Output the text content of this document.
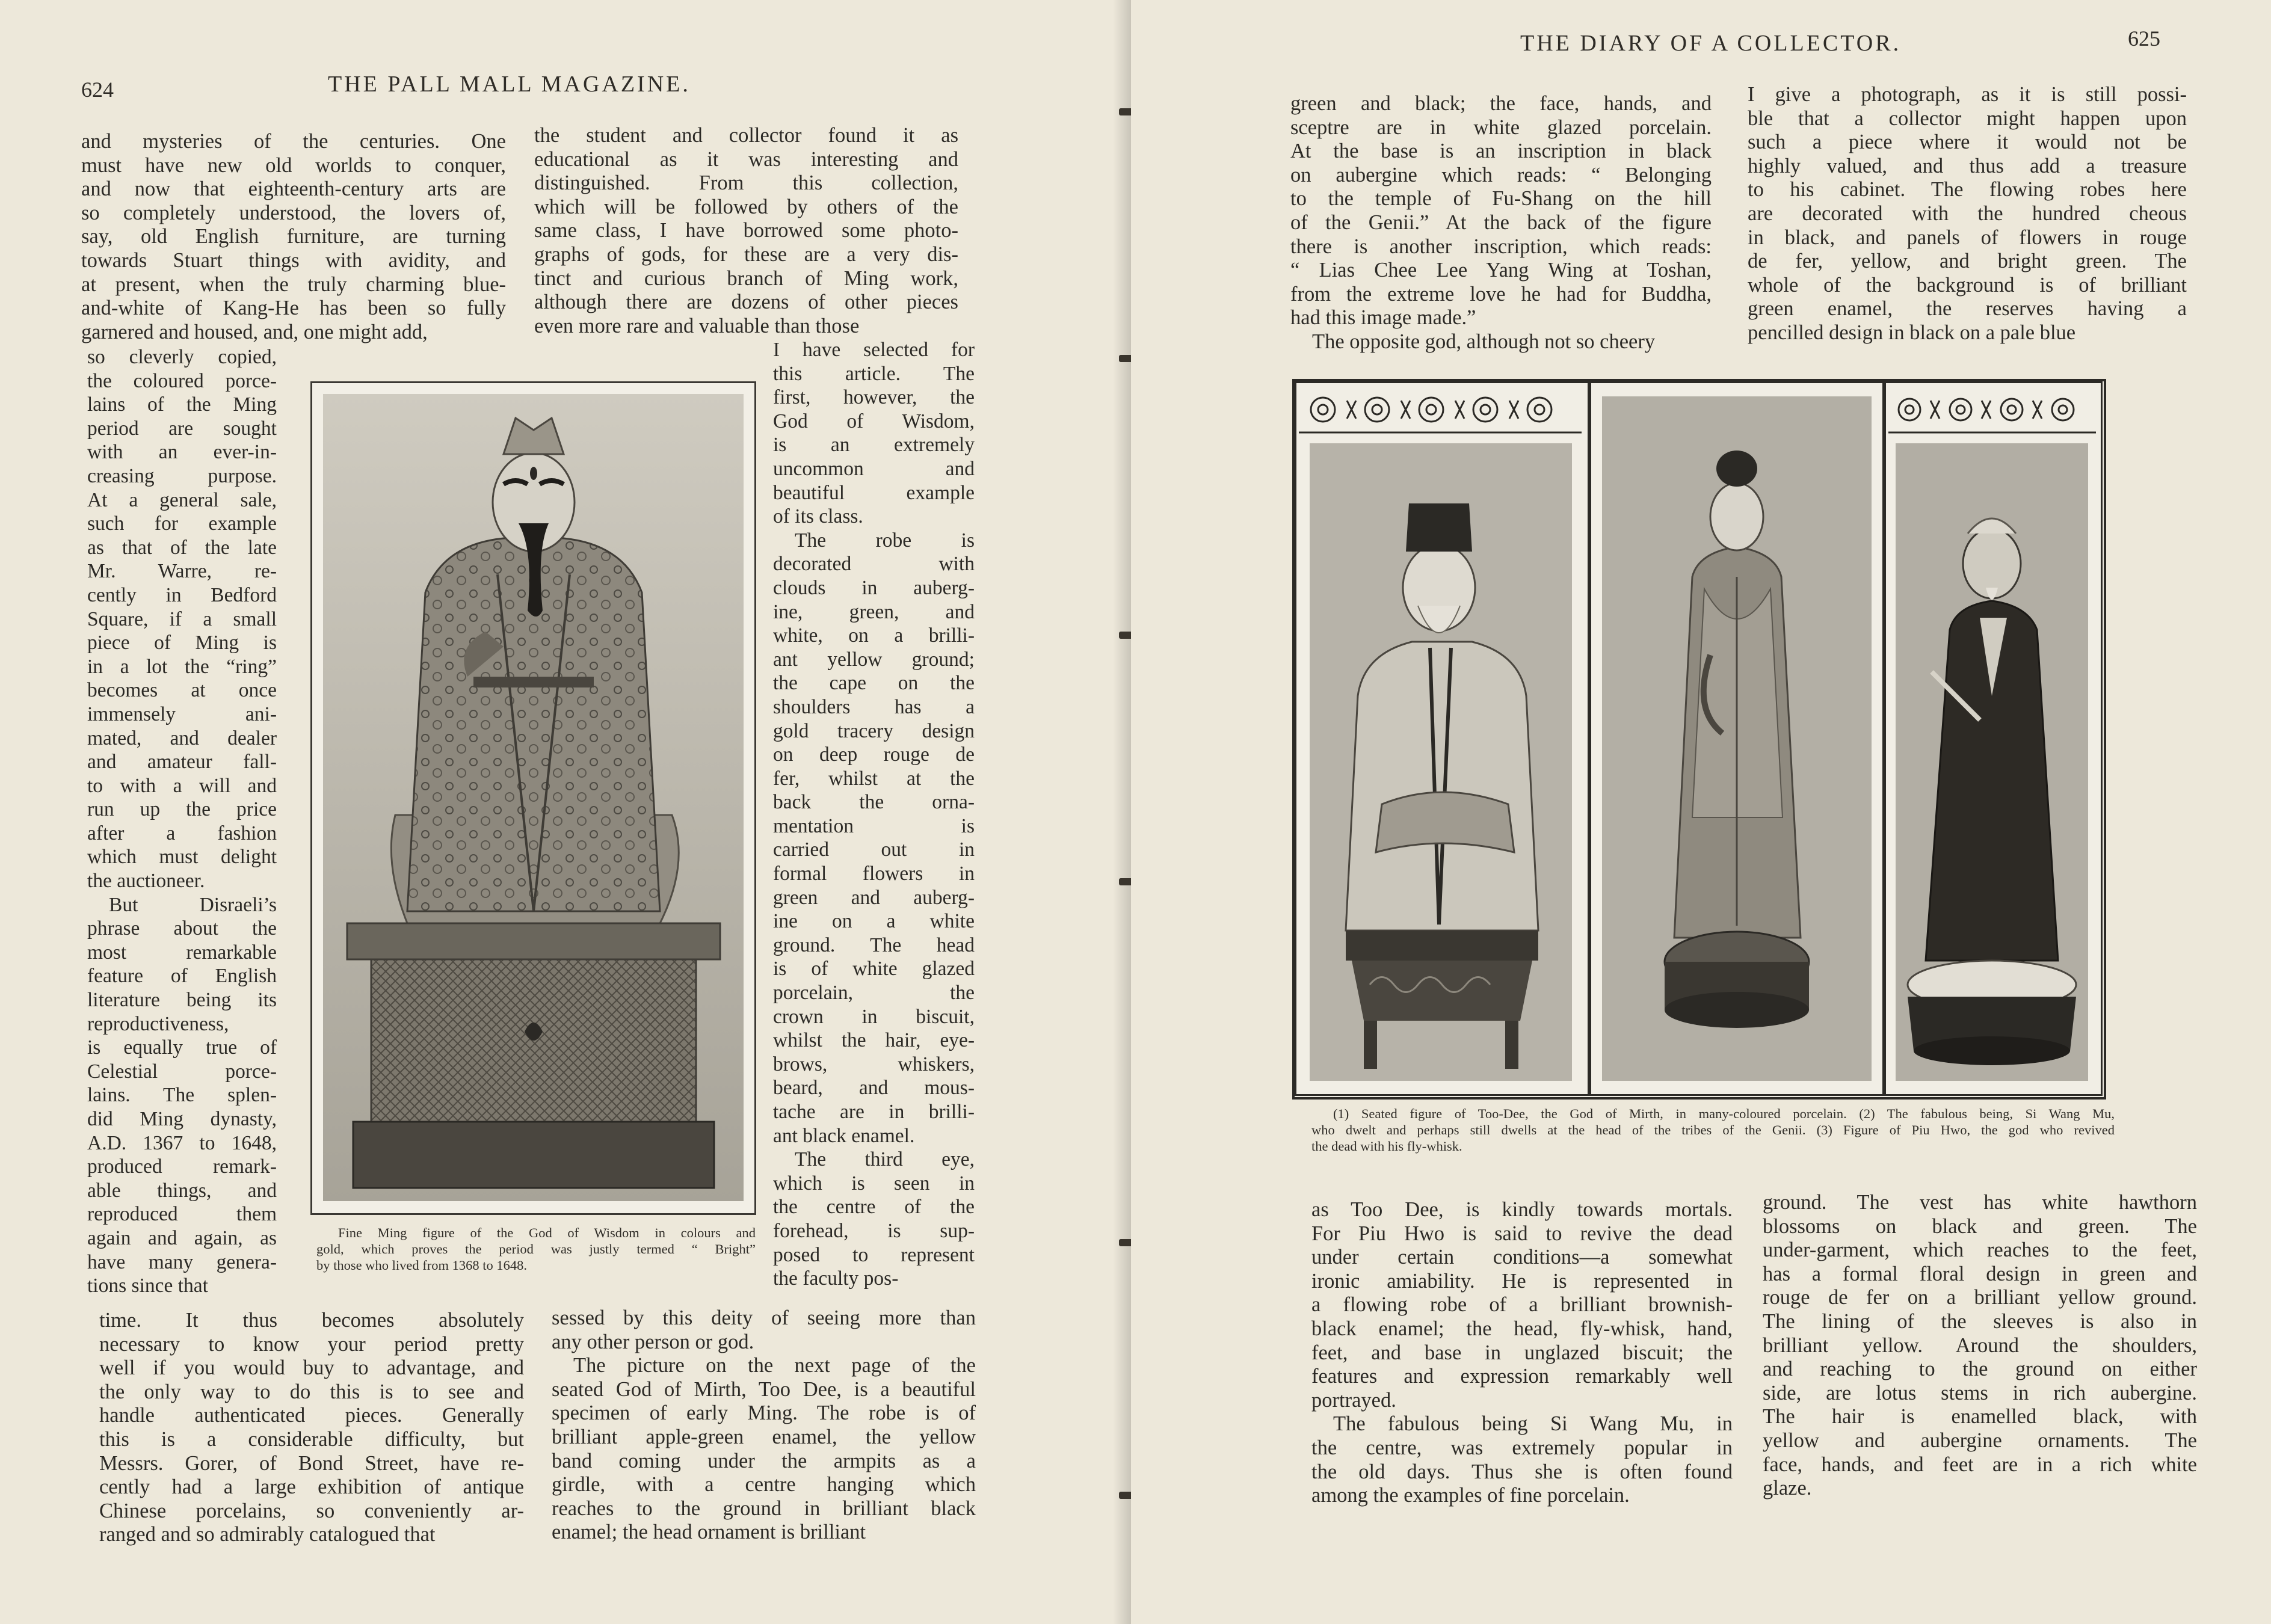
624	THE PALL MALL MAGAZINE.
and mysteries of the centuries. One
must have new old worlds to conquer,
and now that eighteenth-century arts are
so completely understood, the lovers of,
say, old English furniture, are turning
towards Stuart things with avidity, and
at present, when the truly charming blue-
and-white of Kang-He has been so fully
garnered and housed, and, one might add,
so cleverly copied,
the coloured porce-
lains of the Ming
period are sought
with an ever-in-
creasing purpose.
At a general sale,
such for example
as that of the late
Mr. Warre, re-
cently in Bedford
Square, if a small
piece of Ming is
in a lot the “ring”
becomes at once
immensely ani-
mated, and dealer
and amateur fall-
to with a will and
run up the price
after a fashion
which must delight
the auctioneer.
But Disraeli’s
phrase about the
most remarkable
feature of English
literature being its
reproductiveness,
is equally true of
Celestial porce-
lains. The splen-
did Ming dynasty,
A.D. 1367 to 1648,
produced remark-
able things, and
reproduced them
again and again, as
have many genera-
tions since that
time. It thus becomes absolutely
necessary to know your period pretty
well if you would buy to advantage, and
the only way to do this is to see and
handle authenticated pieces. Generally
this is a considerable difficulty, but
Messrs. Gorer, of Bond Street, have re-
cently had a large exhibition of antique
Chinese porcelains, so conveniently ar-
ranged and so admirably catalogued that
the student and collector found it as
educational as it was interesting and
distinguished. From this collection,
which will be followed by others of the
same class, I have borrowed some photo-
graphs of gods, for these are a very dis-
tinct and curious branch of Ming work,
although there are dozens of other pieces
even more rare and valuable than those
I have selected for
this article. The
first, however, the
God of Wisdom,
is an extremely
uncommon and
beautiful example
of its class.
The robe is
decorated with
clouds in auberg-
ine, green, and
white, on a brilli-
ant yellow ground;
the cape on the
shoulders has a
gold tracery design
on deep rouge de
fer, whilst at the
back the orna-
mentation is
carried out in
formal flowers in
green and auberg-
ine on a white
ground. The head
is of white glazed
porcelain, the
crown in biscuit,
whilst the hair, eye-
brows, whiskers,
beard, and mous-
tache are in brilli-
ant black enamel.
The third eye,
which is seen in
the centre of the
forehead, is sup-
posed to represent
the faculty pos-
sessed by this deity of seeing more than
any other person or god.
The picture on the next page of the
seated God of Mirth, Too Dee, is a beautiful
specimen of early Ming. The robe is of
brilliant apple-green enamel, the yellow
band coming under the armpits as a
girdle, with a centre hanging which
reaches to the ground in brilliant black
enamel; the head ornament is brilliant
Fine Ming figure of the God of Wisdom in colours and
gold, which proves the period was justly termed “ Bright”
by those who lived from 1368 to 1648.
THE DIARY OF A COLLECTOR.	625
green and black; the face, hands, and
sceptre are in white glazed porcelain.
At the base is an inscription in black
on aubergine which reads: “ Belonging
to the temple of Fu-Shang on the hill
of the Genii.” At the back of the figure
there is another inscription, which reads:
“ Lias Chee Lee Yang Wing at Toshan,
from the extreme love he had for Buddha,
had this image made.”
The opposite god, although not so cheery
I give a photograph, as it is still possi-
ble that a collector might happen upon
such a piece where it would not be
highly valued, and thus add a treasure
to his cabinet. The flowing robes here
are decorated with the hundred cheous
in black, and panels of flowers in rouge
de fer, yellow, and bright green. The
whole of the background is of brilliant
green enamel, the reserves having a
pencilled design in black on a pale blue
(1) Seated figure of Too-Dee, the God of Mirth, in many-coloured porcelain. (2) The fabulous being, Si Wang Mu,
who dwelt and perhaps still dwells at the head of the tribes of the Genii. (3) Figure of Piu Hwo, the god who revived
the dead with his fly-whisk.
as Too Dee, is kindly towards mortals.
For Piu Hwo is said to revive the dead
under certain conditions—a somewhat
ironic amiability. He is represented in
a flowing robe of a brilliant brownish-
black enamel; the head, fly-whisk, hand,
feet, and base in unglazed biscuit; the
features and expression remarkably well
portrayed.
The fabulous being Si Wang Mu, in
the centre, was extremely popular in
the old days. Thus she is often found
among the examples of fine porcelain.
ground. The vest has white hawthorn
blossoms on black and green. The
under-garment, which reaches to the feet,
has a formal floral design in green and
rouge de fer on a brilliant yellow ground.
The lining of the sleeves is also in
brilliant yellow. Around the shoulders,
and reaching to the ground on either
side, are lotus stems in rich aubergine.
The hair is enamelled black, with
yellow and aubergine ornaments. The
face, hands, and feet are in a rich white
glaze.
